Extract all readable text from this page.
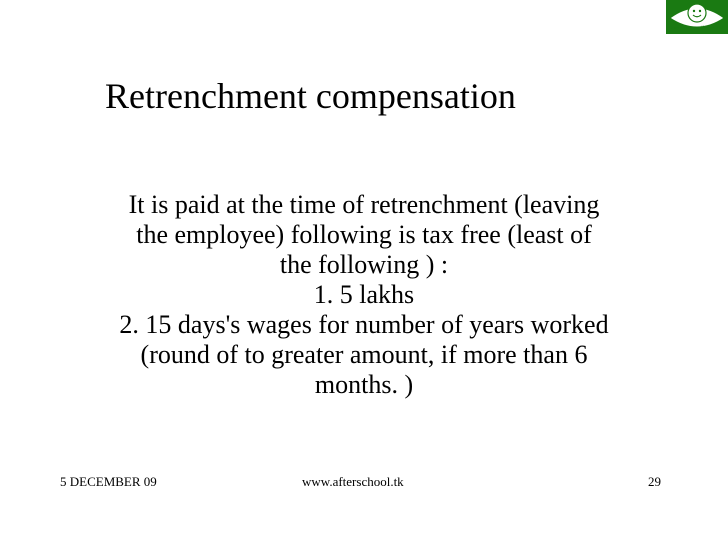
See change the world
Retrenchment compensation
It is paid at the time of retrenchment (leaving
the employee) following is tax free (least of
the following ) :
1. 5 lakhs
2. 15 days's wages for number of years worked
(round of to greater amount, if more than 6
months. )
5 DECEMBER 09	www.afterschool.tk	29
